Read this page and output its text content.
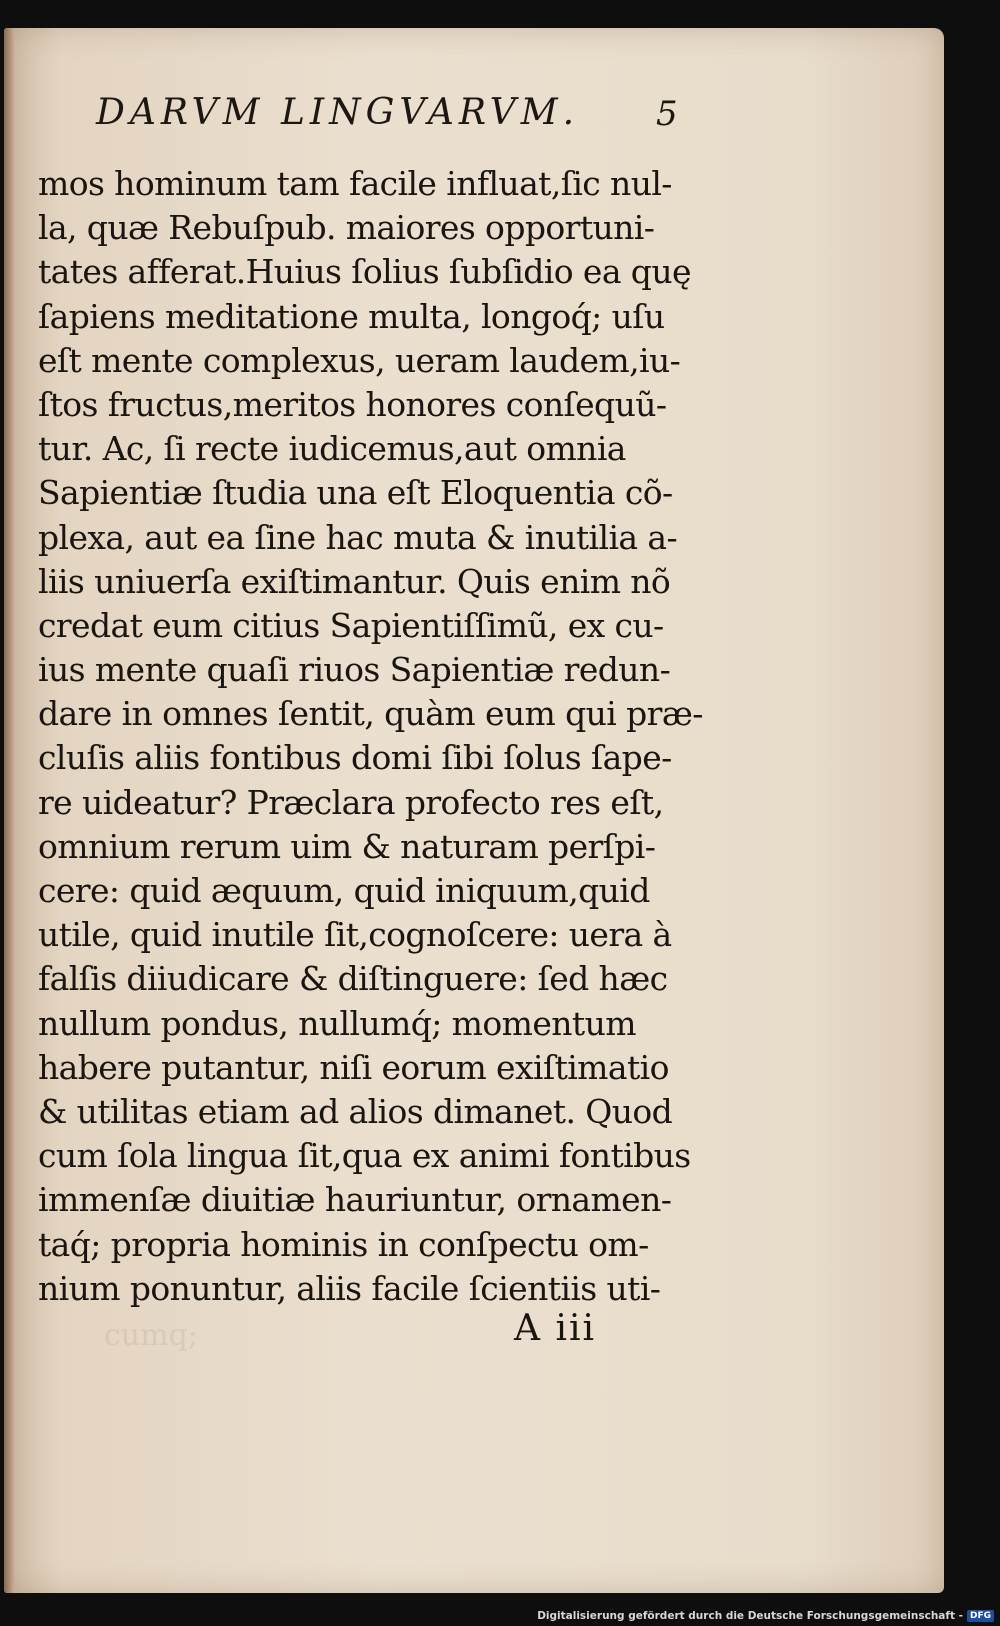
DARVM LINGVARVM. 5
mos hominum tam facile influat,ſic nul-
la, quæ Rebuſpub. maiores opportuni-
tates afferat.Huius ſolius ſubſidio ea quę
ſapiens meditatione multa, longoq́; uſu
eſt mente complexus, ueram laudem,iu-
ſtos fructus,meritos honores conſequũ-
tur. Ac, ſi recte iudicemus,aut omnia
Sapientiæ ſtudia una eſt Eloquentia cõ-
plexa, aut ea ſine hac muta & inutilia a-
liis uniuerſa exiſtimantur. Quis enim nõ
credat eum citius Sapientiſſimũ, ex cu-
ius mente quaſi riuos Sapientiæ redun-
dare in omnes ſentit, quàm eum qui præ-
cluſis aliis fontibus domi ſibi ſolus ſape-
re uideatur? Præclara profecto res eſt,
omnium rerum uim & naturam perſpi-
cere: quid æquum, quid iniquum,quid
utile, quid inutile ſit,cognoſcere: uera à
falſis diiudicare & diſtinguere: ſed hæc
nullum pondus, nullumq́; momentum
habere putantur, niſi eorum exiſtimatio
& utilitas etiam ad alios dimanet. Quod
cum ſola lingua ſit,qua ex animi fontibus
immenſæ diuitiæ hauriuntur, ornamen-
taq́; propria hominis in conſpectu om-
nium ponuntur, aliis facile ſcientiis uti-
cumq;	A iii
Digitalisierung gefördert durch die Deutsche Forschungsgemeinschaft - DFG
